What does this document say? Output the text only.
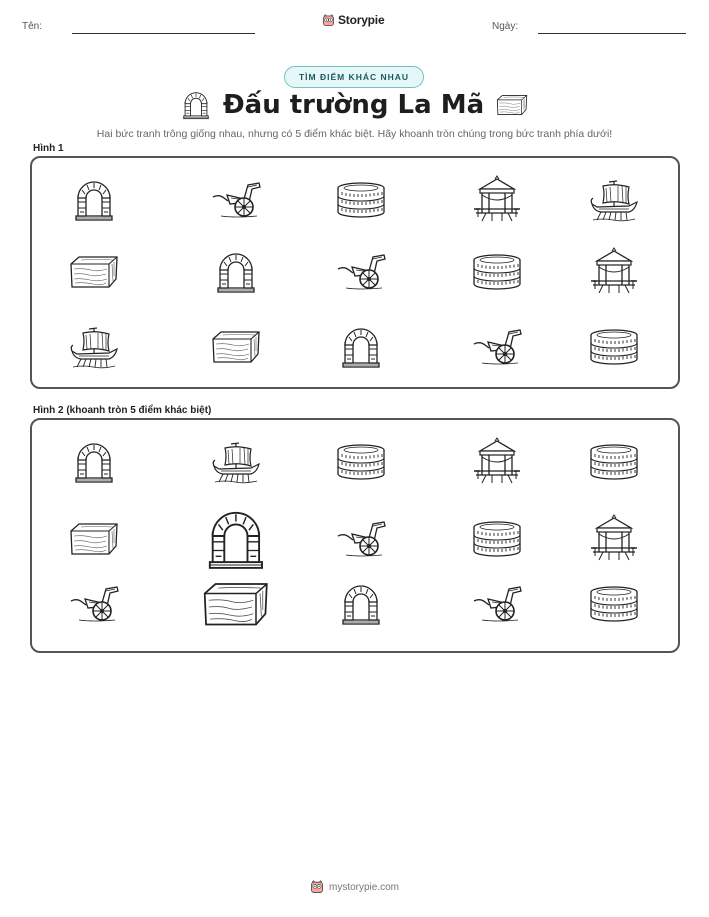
Tên:	Storypie	Ngày:
TÌM ĐIỂM KHÁC NHAU
Đấu trường La Mã
Hai bức tranh trông giống nhau, nhưng có 5 điểm khác biệt. Hãy khoanh tròn chúng trong bức tranh phía dưới!
Hình 1
Hình 2 (khoanh tròn 5 điểm khác biệt)
mystorypie.com
